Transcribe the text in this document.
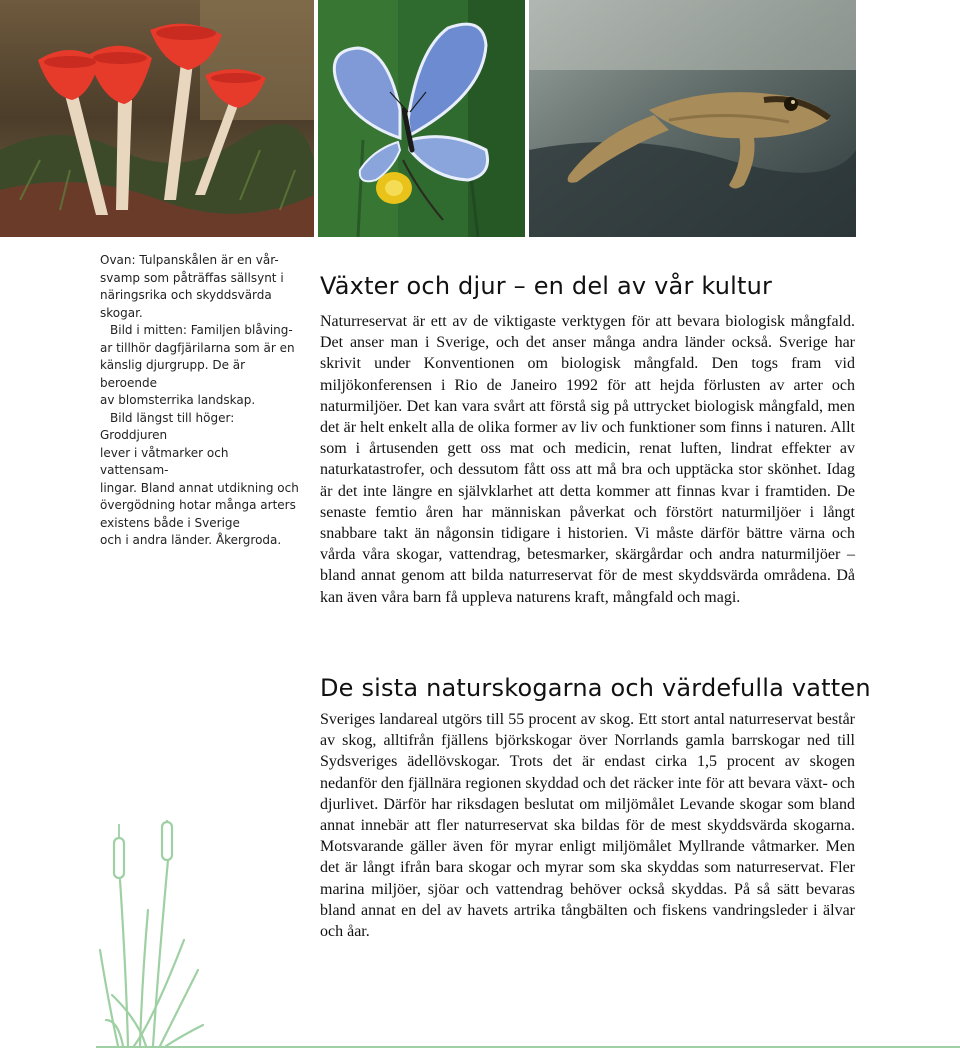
Ovan: Tulpanskålen är en vår-

svamp som påträffas sällsynt i

näringsrika och skyddsvärda skogar.

Bild i mitten: Familjen blåving-

ar tillhör dagfjärilarna som är en

känslig djurgrupp. De är beroende

av blomsterrika landskap.

Bild längst till höger: Groddjuren

lever i våtmarker och vattensam-

lingar. Bland annat utdikning och

övergödning hotar många arters

existens både i Sverige

och i andra länder. Åkergroda.

Växter och djur – en del av vår kultur

Naturreservat är ett av de viktigaste verktygen för att bevara biologisk mångfald. Det anser man i Sverige, och det anser många andra länder också. Sverige har skrivit under Konventionen om biologisk mångfald. Den togs fram vid miljökonferensen i Rio de Janeiro 1992 för att hejda förlusten av arter och naturmiljöer. Det kan vara svårt att förstå sig på uttrycket biologisk mångfald, men det är helt enkelt alla de olika former av liv och funktioner som finns i naturen. Allt som i årtusenden gett oss mat och medicin, renat luften, lindrat effekter av naturkatastrofer, och dessutom fått oss att må bra och upptäcka stor skönhet. Idag är det inte längre en självklarhet att detta kommer att finnas kvar i framtiden. De senaste femtio åren har människan påverkat och förstört naturmiljöer i långt snabbare takt än någonsin tidigare i historien. Vi måste därför bättre värna och vårda våra skogar, vattendrag, betesmarker, skärgårdar och andra naturmiljöer – bland annat genom att bilda naturreservat för de mest skyddsvärda områdena. Då kan även våra barn få uppleva naturens kraft, mångfald och magi.

De sista naturskogarna och värdefulla vatten

Sveriges landareal utgörs till 55 procent av skog. Ett stort antal naturreservat består av skog, alltifrån fjällens björkskogar över Norrlands gamla barrskogar ned till Sydsveriges ädellövskogar. Trots det är endast cirka 1,5 procent av skogen nedanför den fjällnära regionen skyddad och det räcker inte för att bevara växt- och djurlivet. Därför har riksdagen beslutat om miljömålet Levande skogar som bland annat innebär att fler naturreservat ska bildas för de mest skyddsvärda skogarna. Motsvarande gäller även för myrar enligt miljömålet Myllrande våtmarker. Men det är långt ifrån bara skogar och myrar som ska skyddas som naturreservat. Fler marina miljöer, sjöar och vattendrag behöver också skyddas. På så sätt bevaras bland annat en del av havets artrika tångbälten och fiskens vandringsleder i älvar och åar.
